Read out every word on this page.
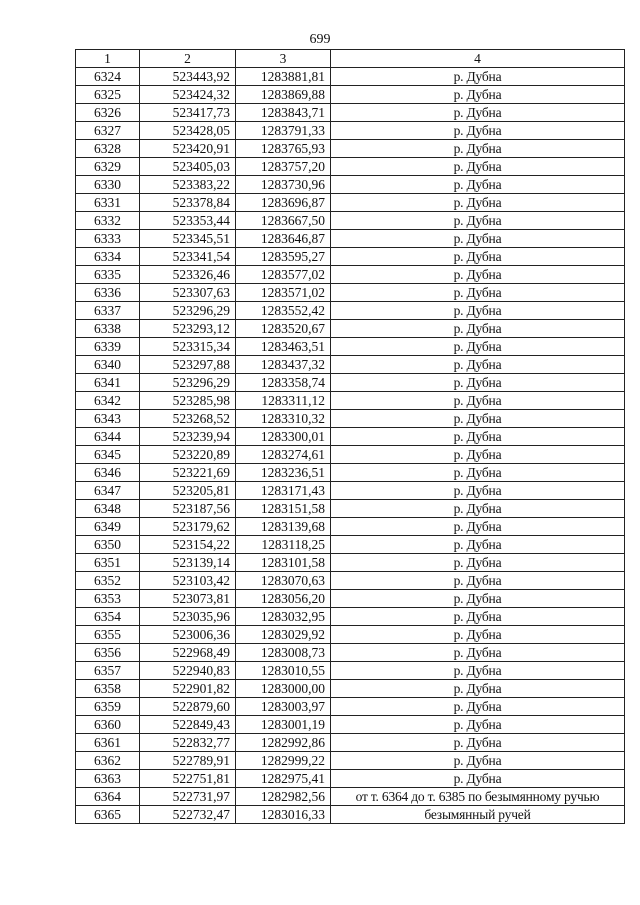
699
1	2	3	4
6324	523443,92	1283881,81	р. Дубна
6325	523424,32	1283869,88	р. Дубна
6326	523417,73	1283843,71	р. Дубна
6327	523428,05	1283791,33	р. Дубна
6328	523420,91	1283765,93	р. Дубна
6329	523405,03	1283757,20	р. Дубна
6330	523383,22	1283730,96	р. Дубна
6331	523378,84	1283696,87	р. Дубна
6332	523353,44	1283667,50	р. Дубна
6333	523345,51	1283646,87	р. Дубна
6334	523341,54	1283595,27	р. Дубна
6335	523326,46	1283577,02	р. Дубна
6336	523307,63	1283571,02	р. Дубна
6337	523296,29	1283552,42	р. Дубна
6338	523293,12	1283520,67	р. Дубна
6339	523315,34	1283463,51	р. Дубна
6340	523297,88	1283437,32	р. Дубна
6341	523296,29	1283358,74	р. Дубна
6342	523285,98	1283311,12	р. Дубна
6343	523268,52	1283310,32	р. Дубна
6344	523239,94	1283300,01	р. Дубна
6345	523220,89	1283274,61	р. Дубна
6346	523221,69	1283236,51	р. Дубна
6347	523205,81	1283171,43	р. Дубна
6348	523187,56	1283151,58	р. Дубна
6349	523179,62	1283139,68	р. Дубна
6350	523154,22	1283118,25	р. Дубна
6351	523139,14	1283101,58	р. Дубна
6352	523103,42	1283070,63	р. Дубна
6353	523073,81	1283056,20	р. Дубна
6354	523035,96	1283032,95	р. Дубна
6355	523006,36	1283029,92	р. Дубна
6356	522968,49	1283008,73	р. Дубна
6357	522940,83	1283010,55	р. Дубна
6358	522901,82	1283000,00	р. Дубна
6359	522879,60	1283003,97	р. Дубна
6360	522849,43	1283001,19	р. Дубна
6361	522832,77	1282992,86	р. Дубна
6362	522789,91	1282999,22	р. Дубна
6363	522751,81	1282975,41	р. Дубна
6364	522731,97	1282982,56	от т. 6364 до т. 6385 по безымянному ручью
6365	522732,47	1283016,33	безымянный ручей
